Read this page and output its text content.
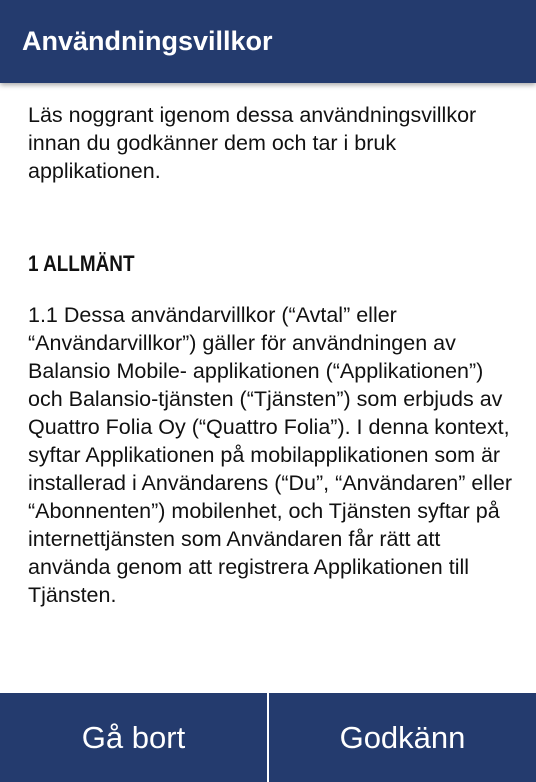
Användningsvillkor

Läs noggrant igenom dessa användningsvillkor innan du godkänner dem och tar i bruk applikationen.

1 ALLMÄNT

1.1 Dessa användarvillkor (“Avtal” eller “Användarvillkor”) gäller för användningen av Balansio Mobile- applikationen (“Applikationen”) och Balansio-tjänsten (“Tjänsten”) som erbjuds av Quattro Folia Oy (“Quattro Folia”). I denna kontext, syftar Applikationen på mobilapplikationen som är installerad i Användarens (“Du”, “Användaren” eller “Abonnenten”) mobilenhet, och Tjänsten syftar på internettjänsten som Användaren får rätt att använda genom att registrera Applikationen till Tjänsten.

Gå bort	Godkänn
